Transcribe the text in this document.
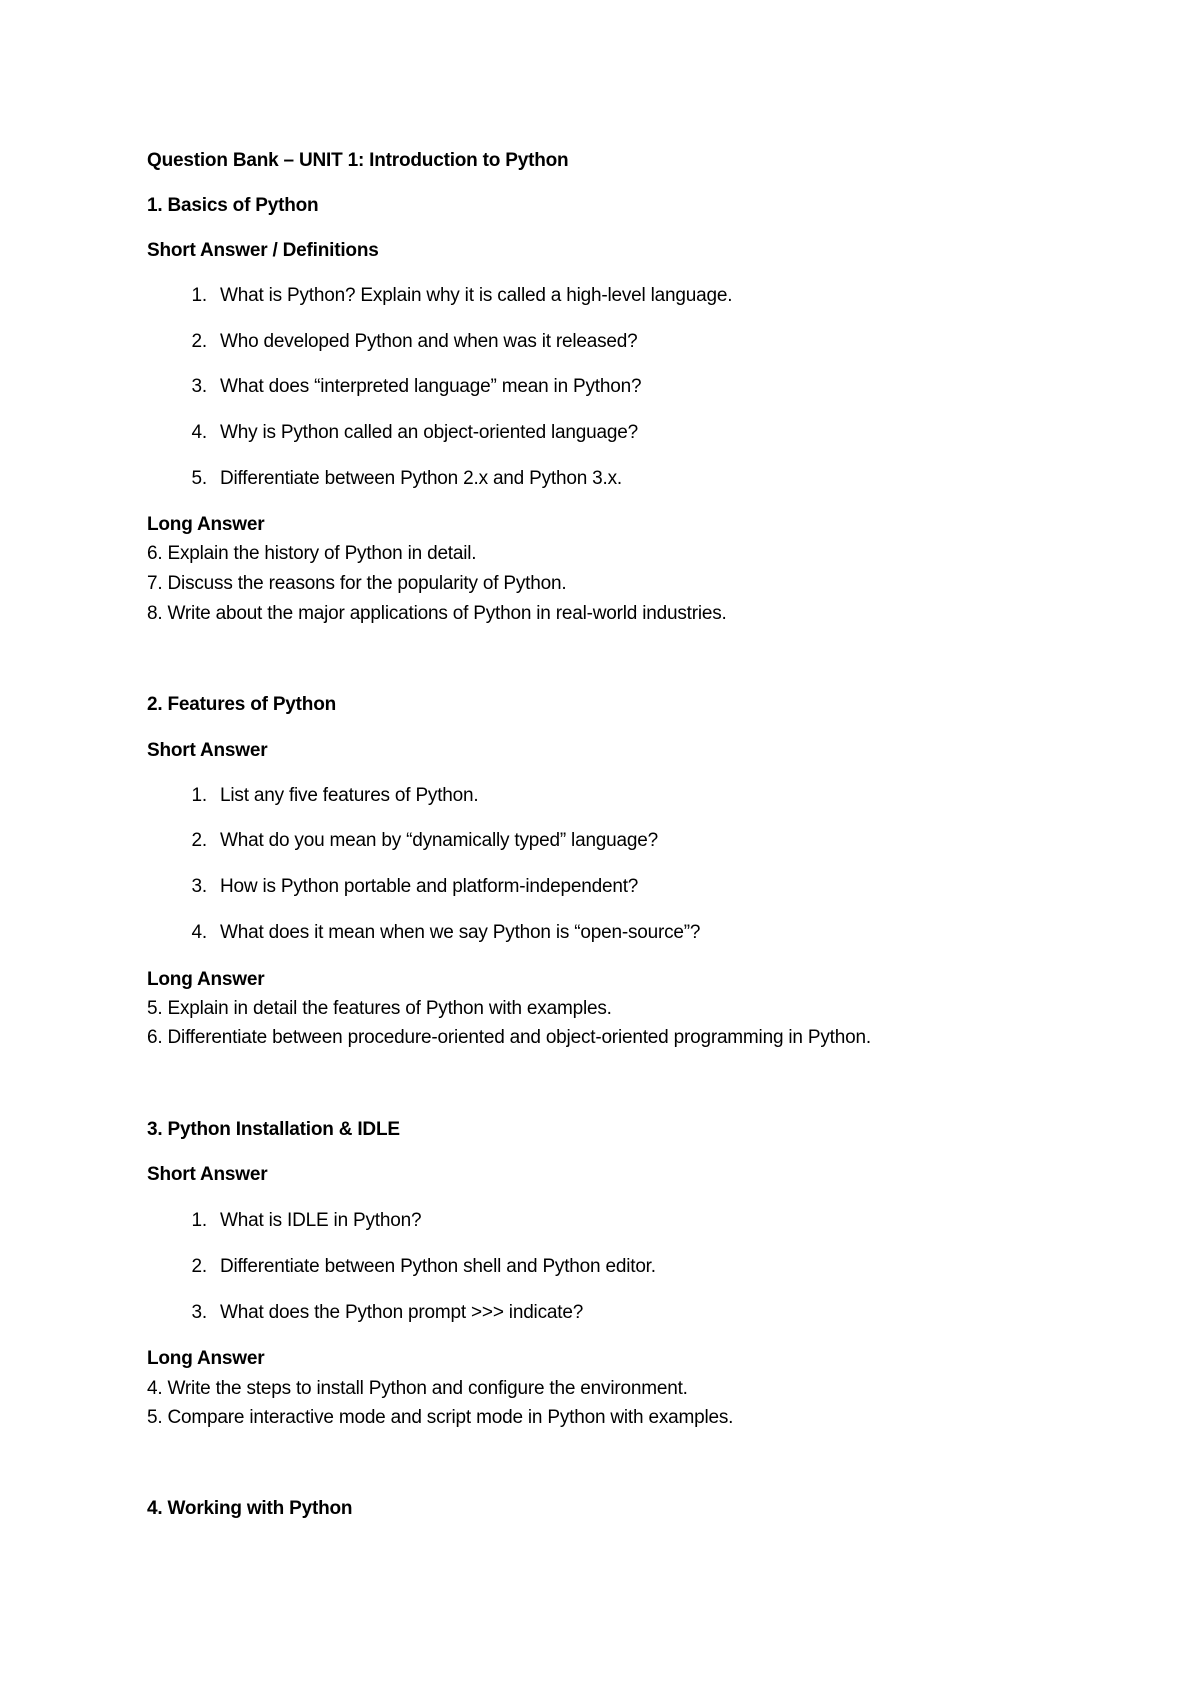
Question Bank – UNIT 1: Introduction to Python
1. Basics of Python
Short Answer / Definitions
1. What is Python? Explain why it is called a high-level language.
2. Who developed Python and when was it released?
3. What does “interpreted language” mean in Python?
4. Why is Python called an object-oriented language?
5. Differentiate between Python 2.x and Python 3.x.
Long Answer
6. Explain the history of Python in detail.
7. Discuss the reasons for the popularity of Python.
8. Write about the major applications of Python in real-world industries.
2. Features of Python
Short Answer
1. List any five features of Python.
2. What do you mean by “dynamically typed” language?
3. How is Python portable and platform-independent?
4. What does it mean when we say Python is “open-source”?
Long Answer
5. Explain in detail the features of Python with examples.
6. Differentiate between procedure-oriented and object-oriented programming in Python.
3. Python Installation & IDLE
Short Answer
1. What is IDLE in Python?
2. Differentiate between Python shell and Python editor.
3. What does the Python prompt >>> indicate?
Long Answer
4. Write the steps to install Python and configure the environment.
5. Compare interactive mode and script mode in Python with examples.
4. Working with Python
